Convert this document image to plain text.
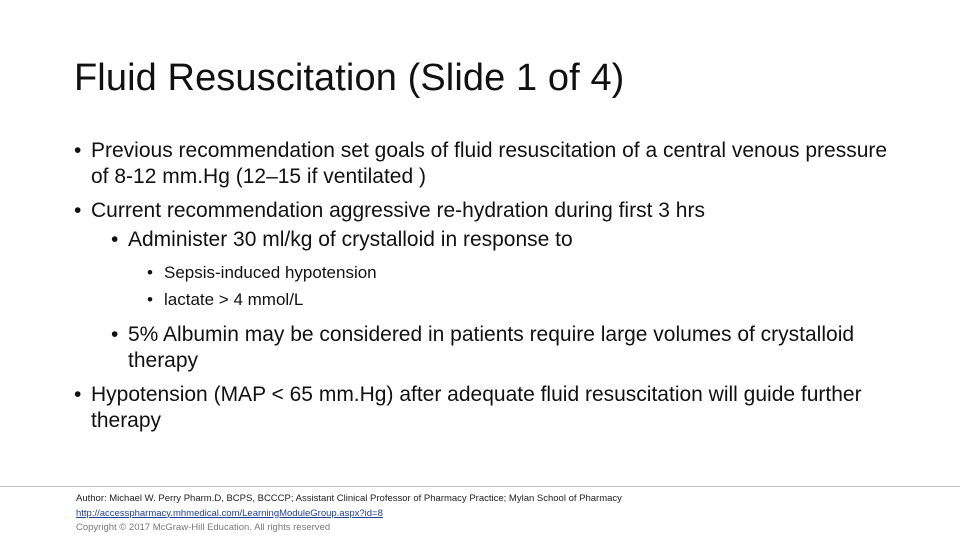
Fluid Resuscitation (Slide 1 of 4)
• Previous recommendation set goals of fluid resuscitation of a central venous pressure of 8-12 mm.Hg (12–15 if ventilated )
• Current recommendation aggressive re-hydration during first 3 hrs
• Administer 30 ml/kg of crystalloid in response to
• Sepsis-induced hypotension
• lactate > 4 mmol/L
• 5% Albumin may be considered in patients require large volumes of crystalloid therapy
• Hypotension (MAP < 65 mm.Hg) after adequate fluid resuscitation will guide further therapy
Author: Michael W. Perry Pharm.D, BCPS, BCCCP; Assistant Clinical Professor of Pharmacy Practice; Mylan School of Pharmacy
http://accesspharmacy.mhmedical.com/LearningModuleGroup.aspx?id=8
Copyright © 2017 McGraw-Hill Education. All rights reserved
